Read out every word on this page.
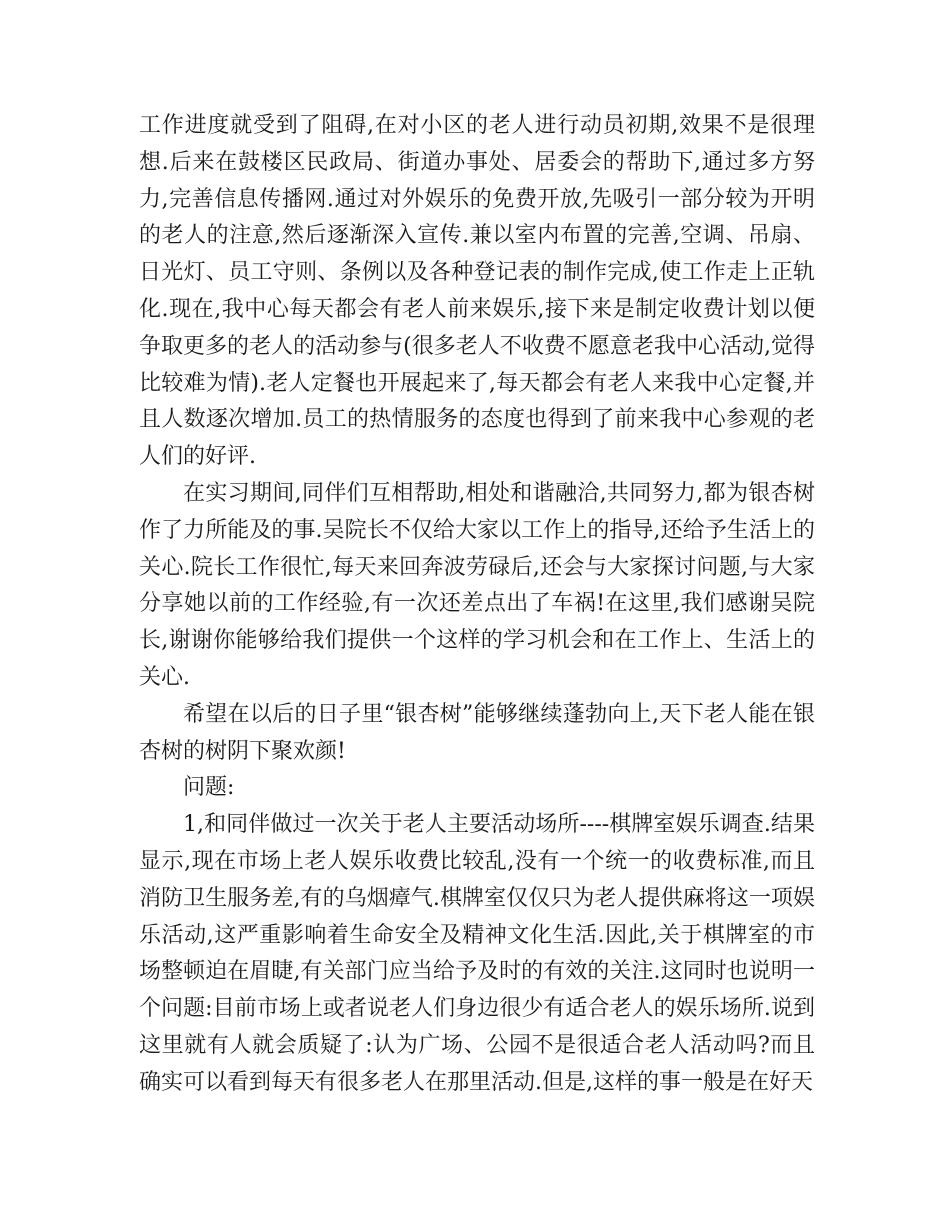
工作进度就受到了阻碍,在对小区的老人进行动员初期,效果不是很理想.后来在鼓楼区民政局、街道办事处、居委会的帮助下,通过多方努力,完善信息传播网.通过对外娱乐的免费开放,先吸引一部分较为开明的老人的注意,然后逐渐深入宣传.兼以室内布置的完善,空调、吊扇、日光灯、员工守则、条例以及各种登记表的制作完成,使工作走上正轨化.现在,我中心每天都会有老人前来娱乐,接下来是制定收费计划以便争取更多的老人的活动参与(很多老人不收费不愿意老我中心活动,觉得比较难为情).老人定餐也开展起来了,每天都会有老人来我中心定餐,并且人数逐次增加.员工的热情服务的态度也得到了前来我中心参观的老人们的好评.

在实习期间,同伴们互相帮助,相处和谐融洽,共同努力,都为银杏树作了力所能及的事.吴院长不仅给大家以工作上的指导,还给予生活上的关心.院长工作很忙,每天来回奔波劳碌后,还会与大家探讨问题,与大家分享她以前的工作经验,有一次还差点出了车祸!在这里,我们感谢吴院长,谢谢你能够给我们提供一个这样的学习机会和在工作上、生活上的关心.

希望在以后的日子里“银杏树”能够继续蓬勃向上,天下老人能在银杏树的树阴下聚欢颜!

问题:

1,和同伴做过一次关于老人主要活动场所----棋牌室娱乐调查.结果显示,现在市场上老人娱乐收费比较乱,没有一个统一的收费标准,而且消防卫生服务差,有的乌烟瘴气.棋牌室仅仅只为老人提供麻将这一项娱乐活动,这严重影响着生命安全及精神文化生活.因此,关于棋牌室的市场整顿迫在眉睫,有关部门应当给予及时的有效的关注.这同时也说明一个问题:目前市场上或者说老人们身边很少有适合老人的娱乐场所.说到这里就有人就会质疑了:认为广场、公园不是很适合老人活动吗?而且确实可以看到每天有很多老人在那里活动.但是,这样的事一般是在好天
